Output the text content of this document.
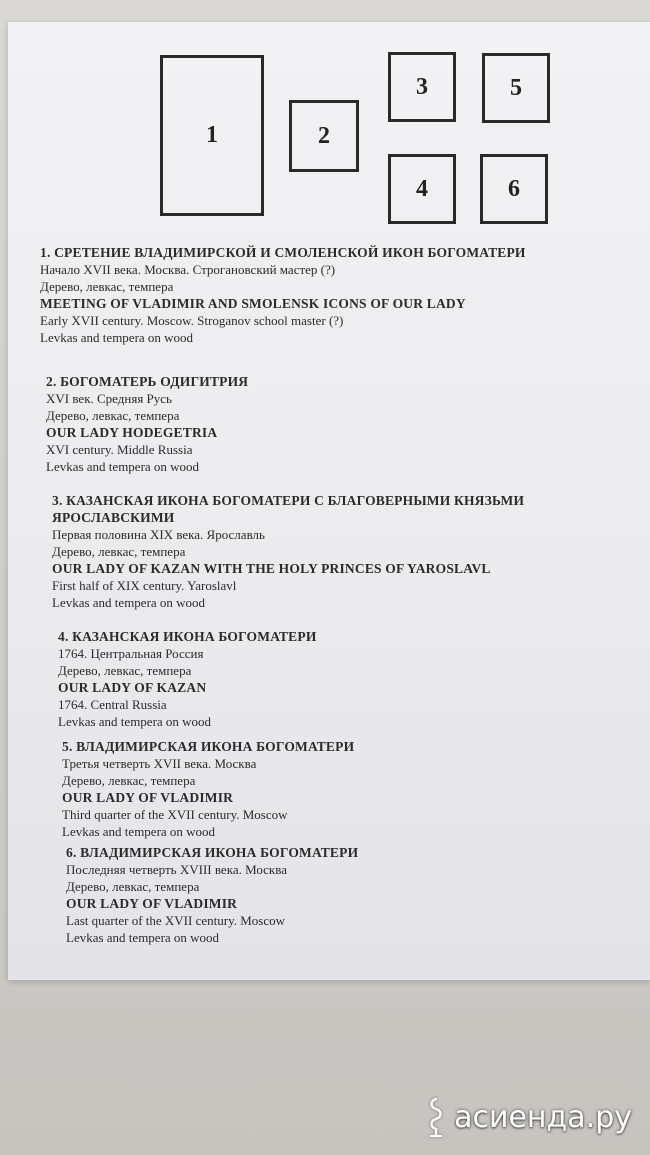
1	2
3	5
4	6
1. СРЕТЕНИЕ ВЛАДИМИРСКОЙ И СМОЛЕНСКОЙ ИКОН БОГОМАТЕРИ
Начало XVII века. Москва. Строгановский мастер (?)
Дерево, левкас, темпера
MEETING OF VLADIMIR AND SMOLENSK ICONS OF OUR LADY
Early XVII century. Moscow. Stroganov school master (?)
Levkas and tempera on wood
2. БОГОМАТЕРЬ ОДИГИТРИЯ
XVI век. Средняя Русь
Дерево, левкас, темпера
OUR LADY HODEGETRIA
XVI century. Middle Russia
Levkas and tempera on wood
3. КАЗАНСКАЯ ИКОНА БОГОМАТЕРИ С БЛАГОВЕРНЫМИ КНЯЗЬМИ
ЯРОСЛАВСКИМИ
Первая половина XIX века. Ярославль
Дерево, левкас, темпера
OUR LADY OF KAZAN WITH THE HOLY PRINCES OF YAROSLAVL
First half of XIX century. Yaroslavl
Levkas and tempera on wood
4. КАЗАНСКАЯ ИКОНА БОГОМАТЕРИ
1764. Центральная Россия
Дерево, левкас, темпера
OUR LADY OF KAZAN
1764. Central Russia
Levkas and tempera on wood
5. ВЛАДИМИРСКАЯ ИКОНА БОГОМАТЕРИ
Третья четверть XVII века. Москва
Дерево, левкас, темпера
OUR LADY OF VLADIMIR
Third quarter of the XVII century. Moscow
Levkas and tempera on wood
6. ВЛАДИМИРСКАЯ ИКОНА БОГОМАТЕРИ
Последняя четверть XVIII века. Москва
Дерево, левкас, темпера
OUR LADY OF VLADIMIR
Last quarter of the XVII century. Moscow
Levkas and tempera on wood
асиенда.ру
